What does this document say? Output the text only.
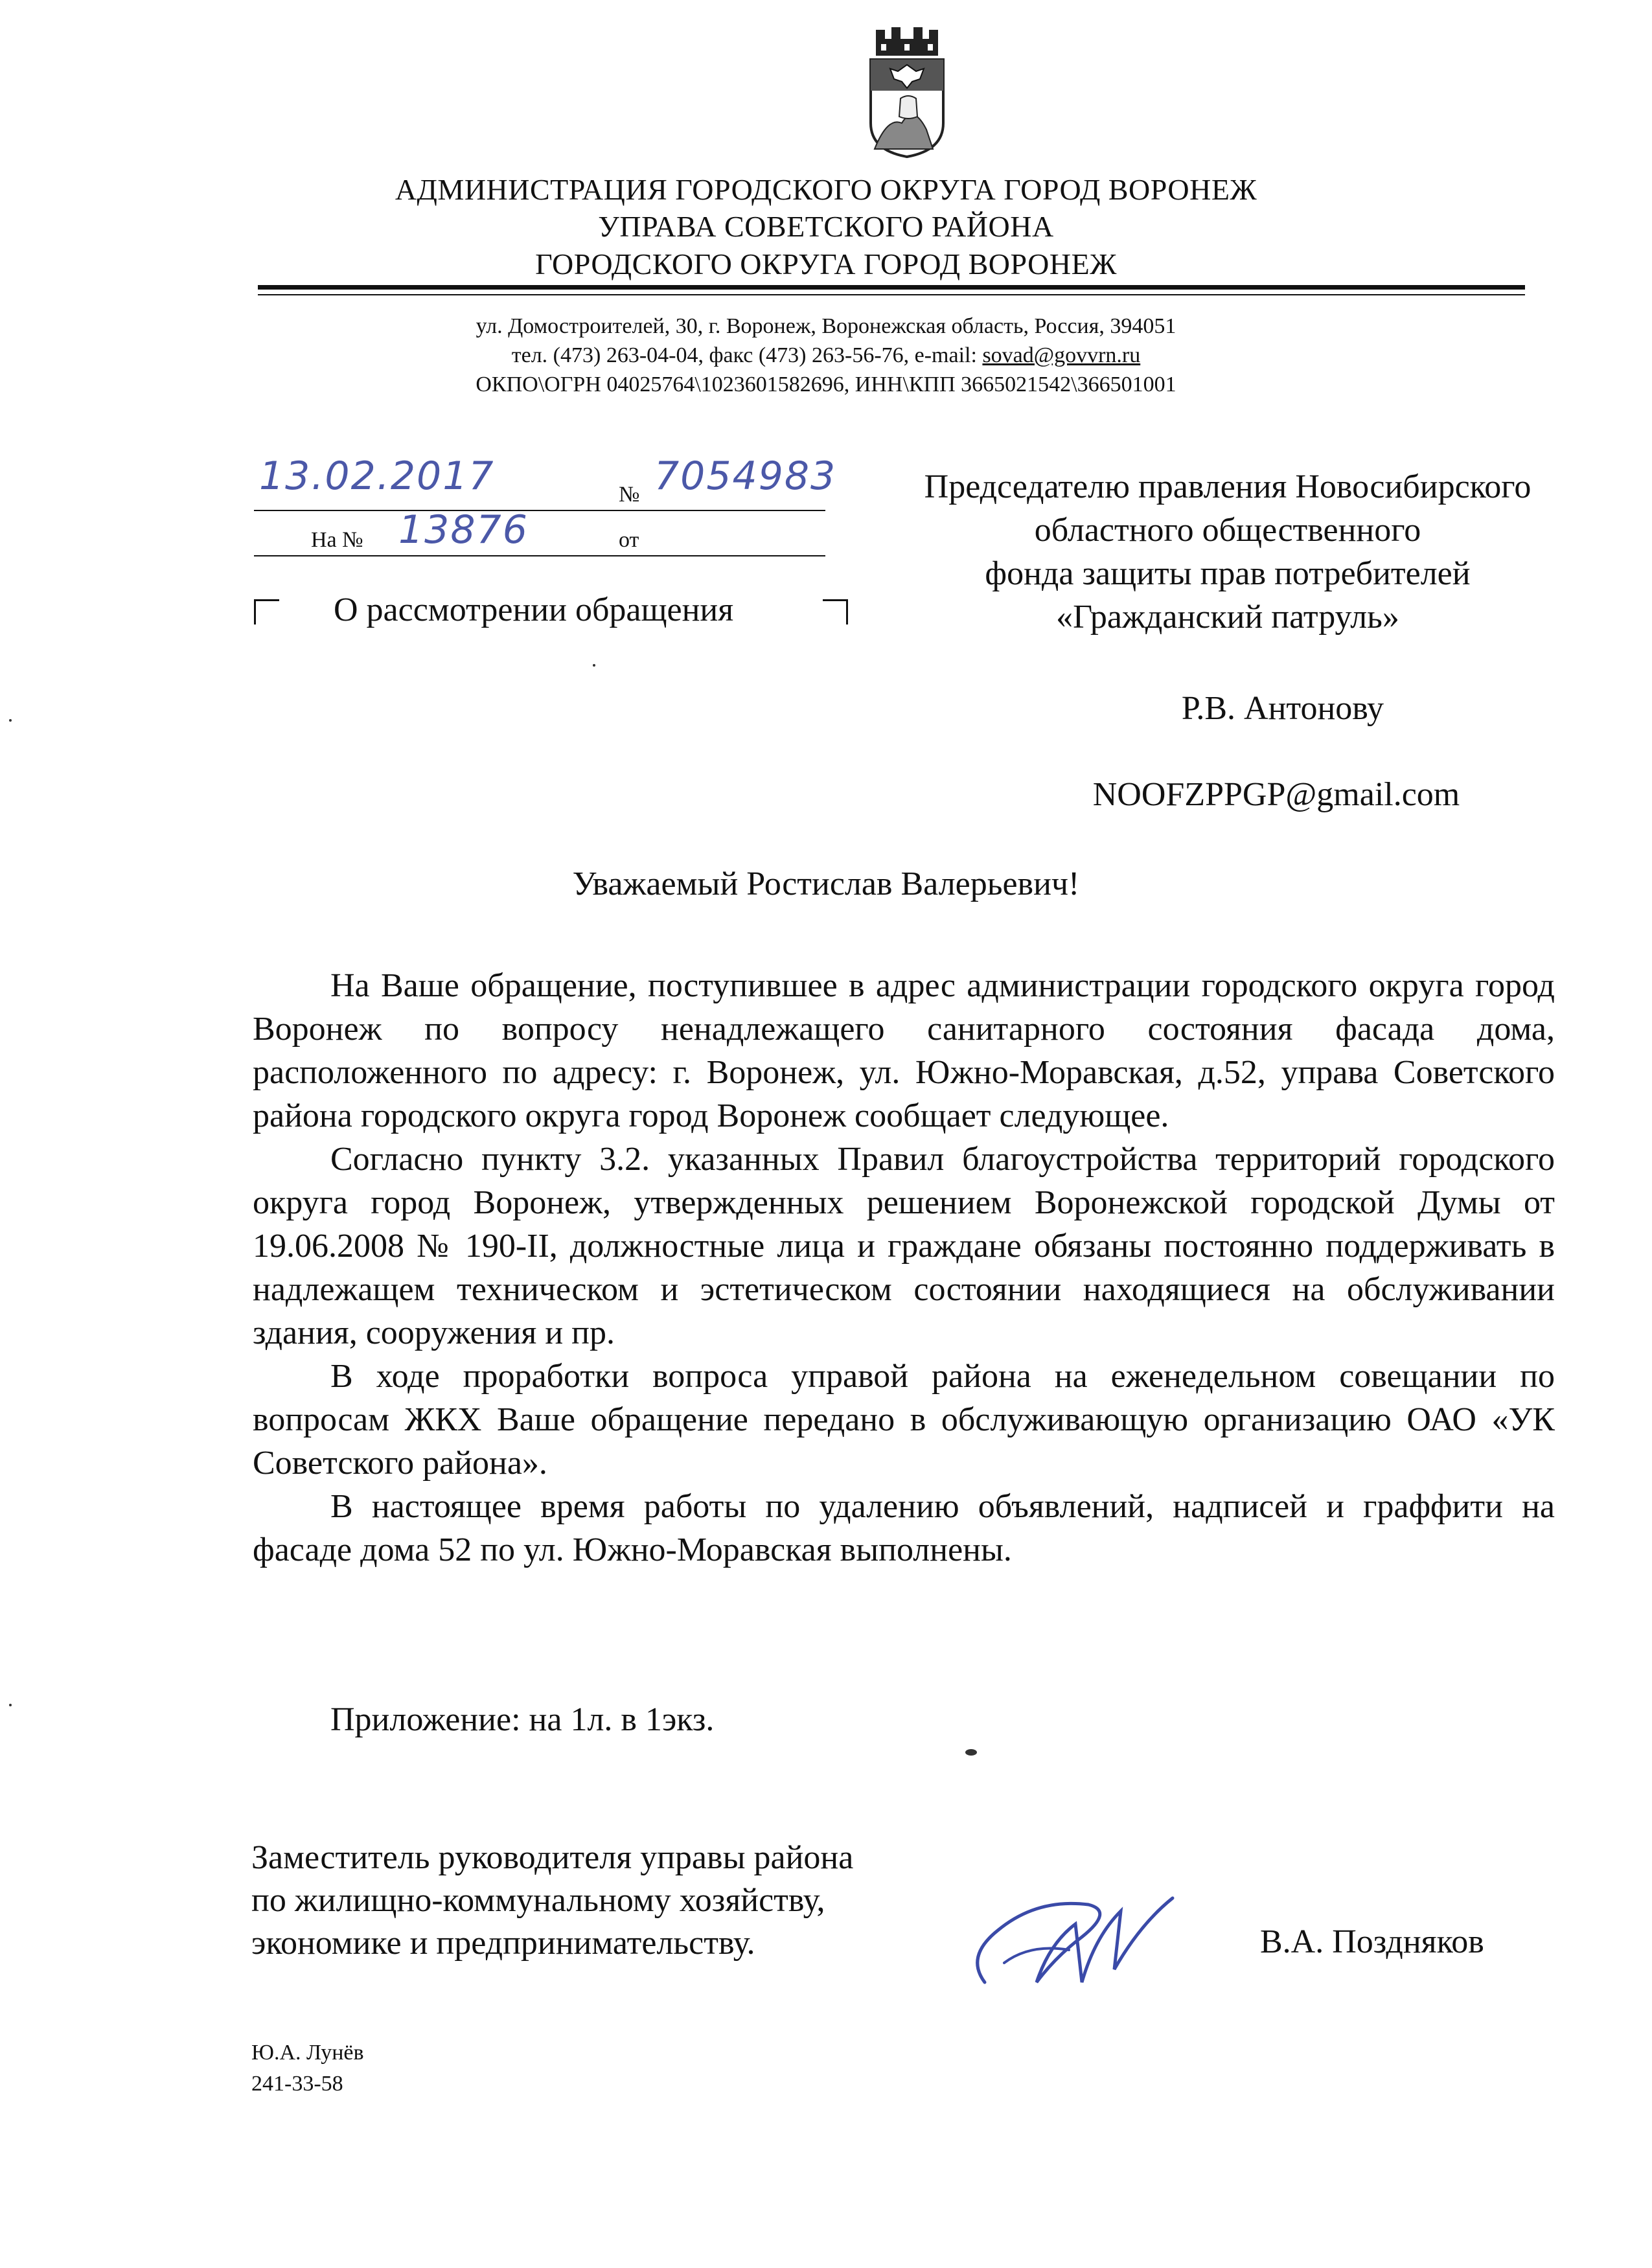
АДМИНИСТРАЦИЯ ГОРОДСКОГО ОКРУГА ГОРОД ВОРОНЕЖ
УПРАВА СОВЕТСКОГО РАЙОНА
ГОРОДСКОГО ОКРУГА ГОРОД ВОРОНЕЖ
ул. Домостроителей, 30, г. Воронеж, Воронежская область, Россия, 394051
тел. (473) 263-04-04, факс (473) 263-56-76, e-mail: sovad@govvrn.ru
ОКПО\ОГРН 04025764\1023601582696, ИНН\КПП 3665021542\366501001
13.02.2017	№ 7054983
На № 13876	от
О рассмотрении обращения
Председателю правления Новосибирского
областного общественного
фонда защиты прав потребителей
«Гражданский патруль»
Р.В. Антонову
NOOFZPPGP@gmail.com
Уважаемый Ростислав Валерьевич!

На Ваше обращение, поступившее в адрес администрации городского округа город Воронеж по вопросу ненадлежащего санитарного состояния фасада дома, расположенного по адресу: г. Воронеж, ул. Южно-Моравская, д.52, управа Советского района городского округа город Воронеж сообщает следующее.

Согласно пункту 3.2. указанных Правил благоустройства территорий городского округа город Воронеж, утвержденных решением Воронежской городской Думы от 19.06.2008 № 190-II, должностные лица и граждане обязаны постоянно поддерживать в надлежащем техническом и эстетическом состоянии находящиеся на обслуживании здания, сооружения и пр.

В ходе проработки вопроса управой района на еженедельном совещании по вопросам ЖКХ Ваше обращение передано в обслуживающую организацию ОАО «УК Советского района».

В настоящее время работы по удалению объявлений, надписей и граффити на фасаде дома 52 по ул. Южно-Моравская выполнены.

Приложение: на 1л. в 1экз.
Заместитель руководителя управы района
по жилищно-коммунальному хозяйству,
экономике и предпринимательству.	В.А. Поздняков
Ю.А. Лунёв
241-33-58
